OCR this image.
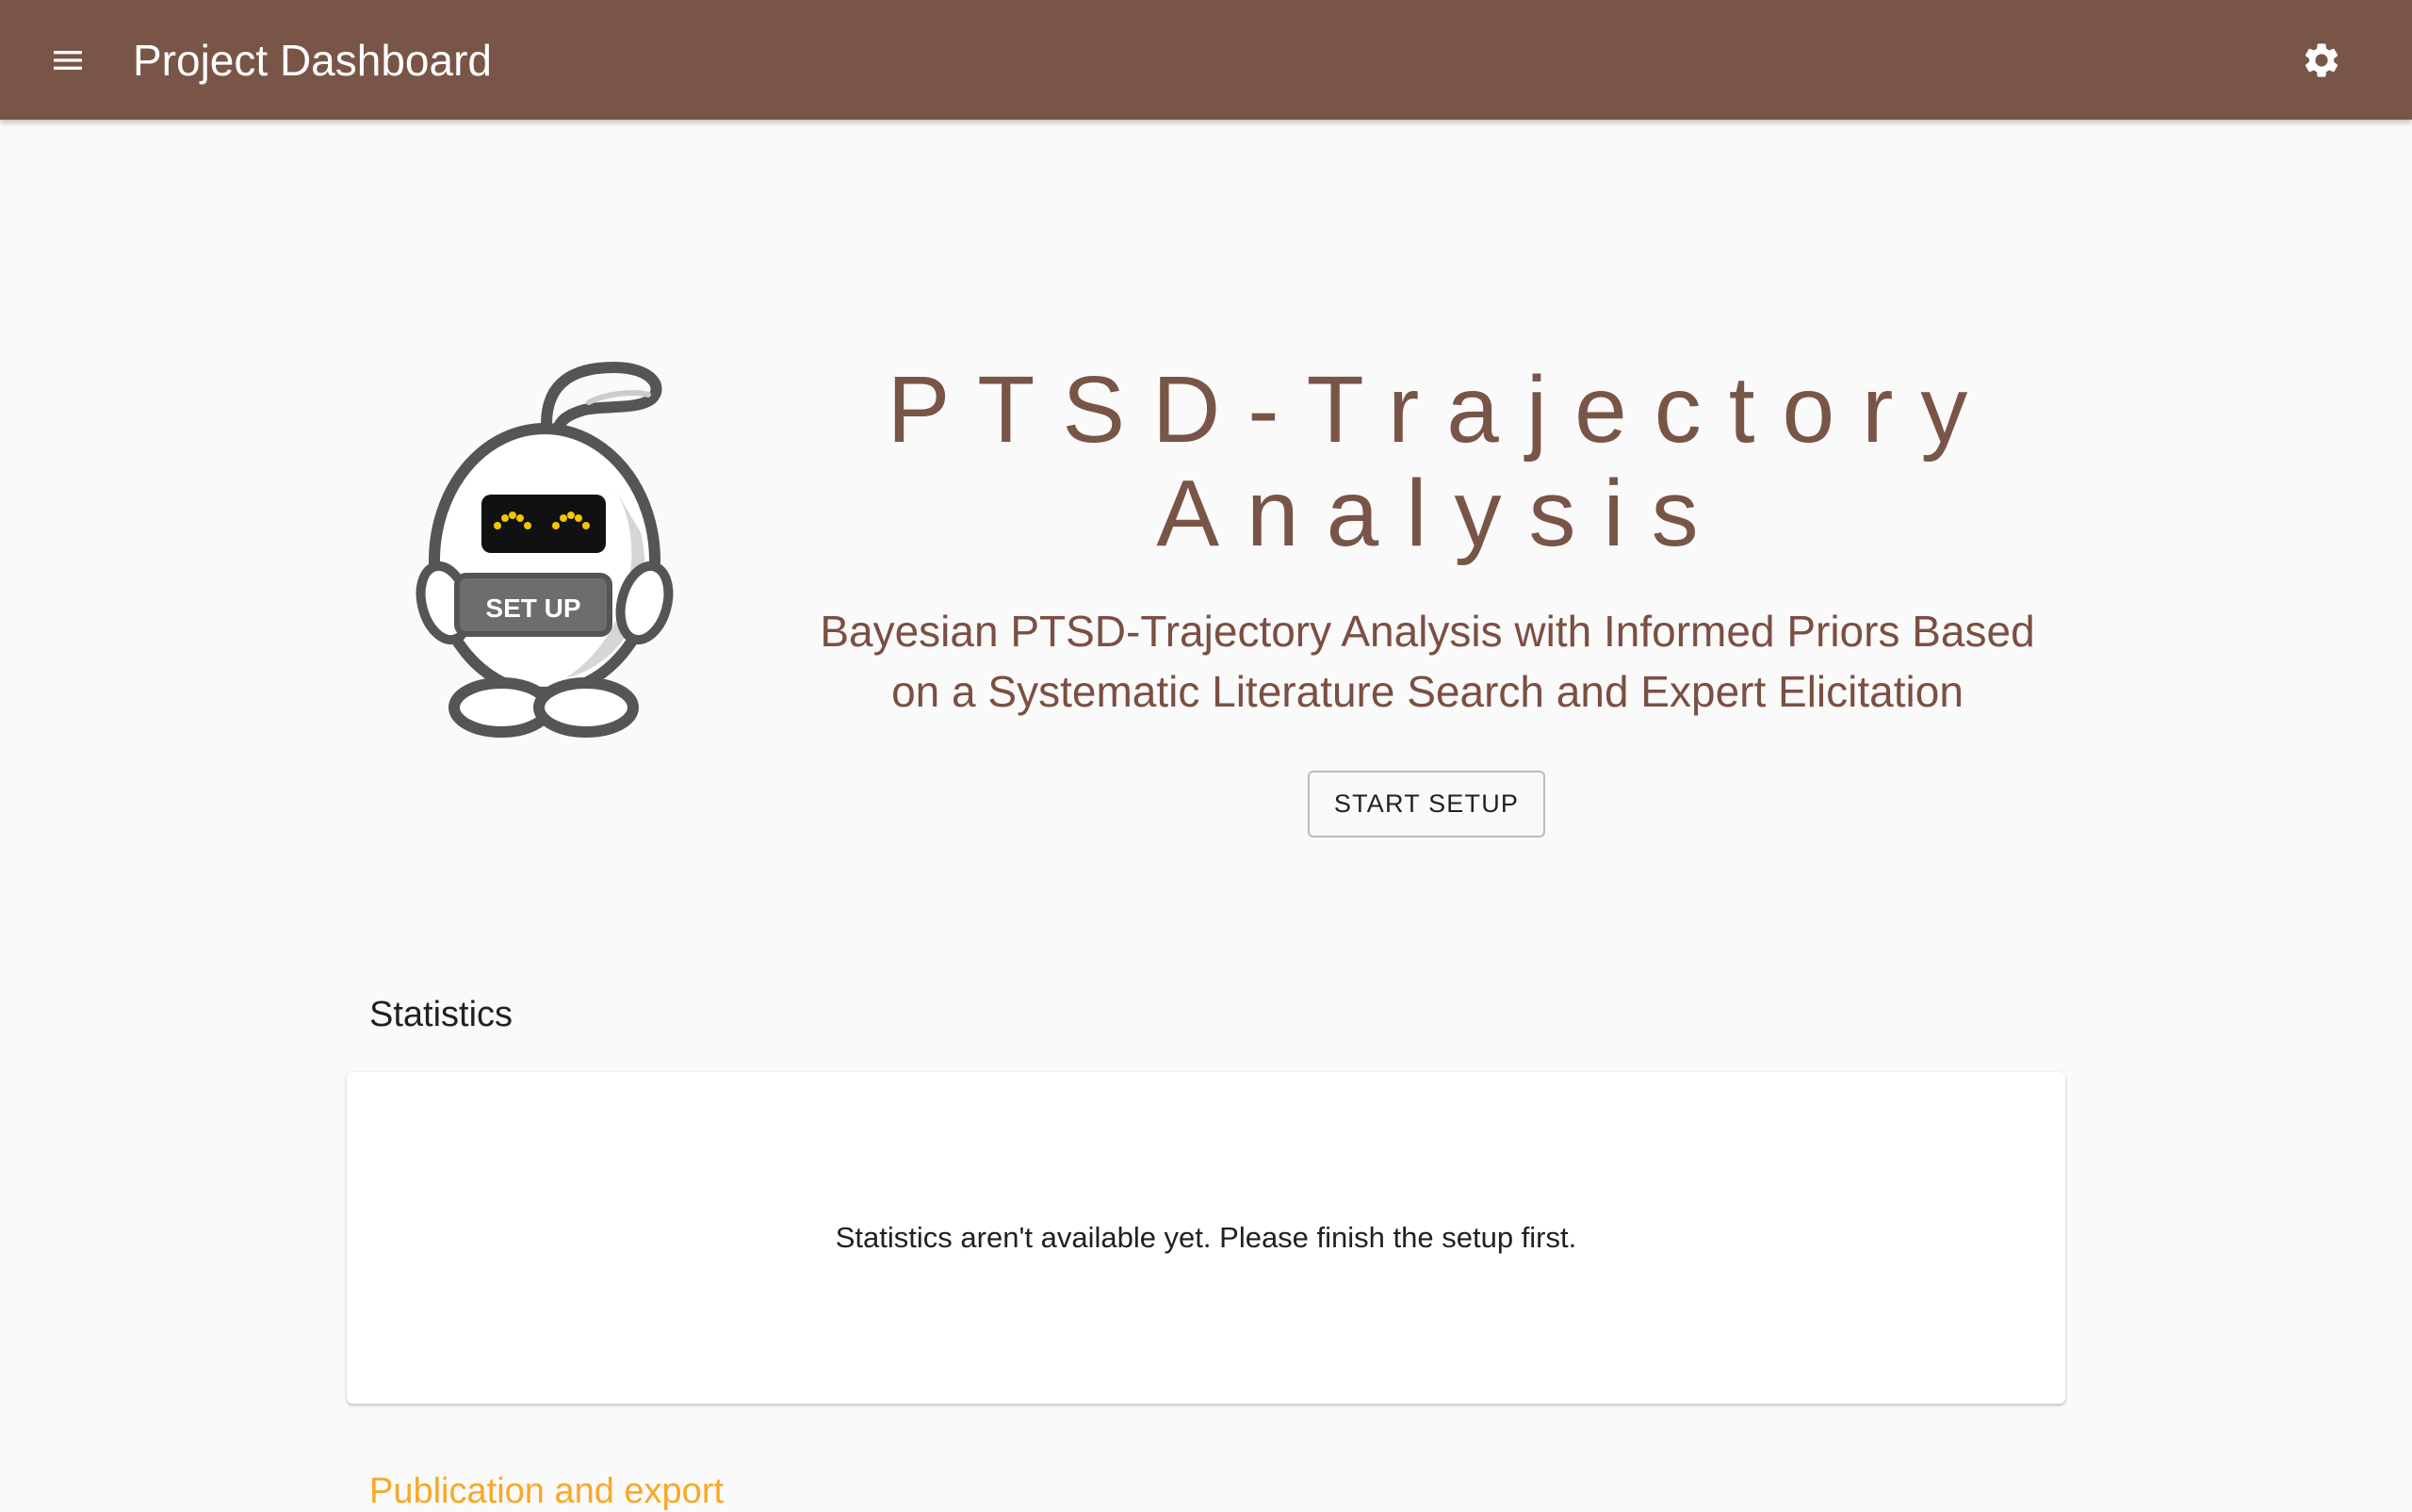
Project Dashboard
SET UP
PTSD-Trajectory
Analysis
Bayesian PTSD-Trajectory Analysis with Informed Priors Based
on a Systematic Literature Search and Expert Elicitation
START SETUP
Statistics
Statistics aren't available yet. Please finish the setup first.
Publication and export
